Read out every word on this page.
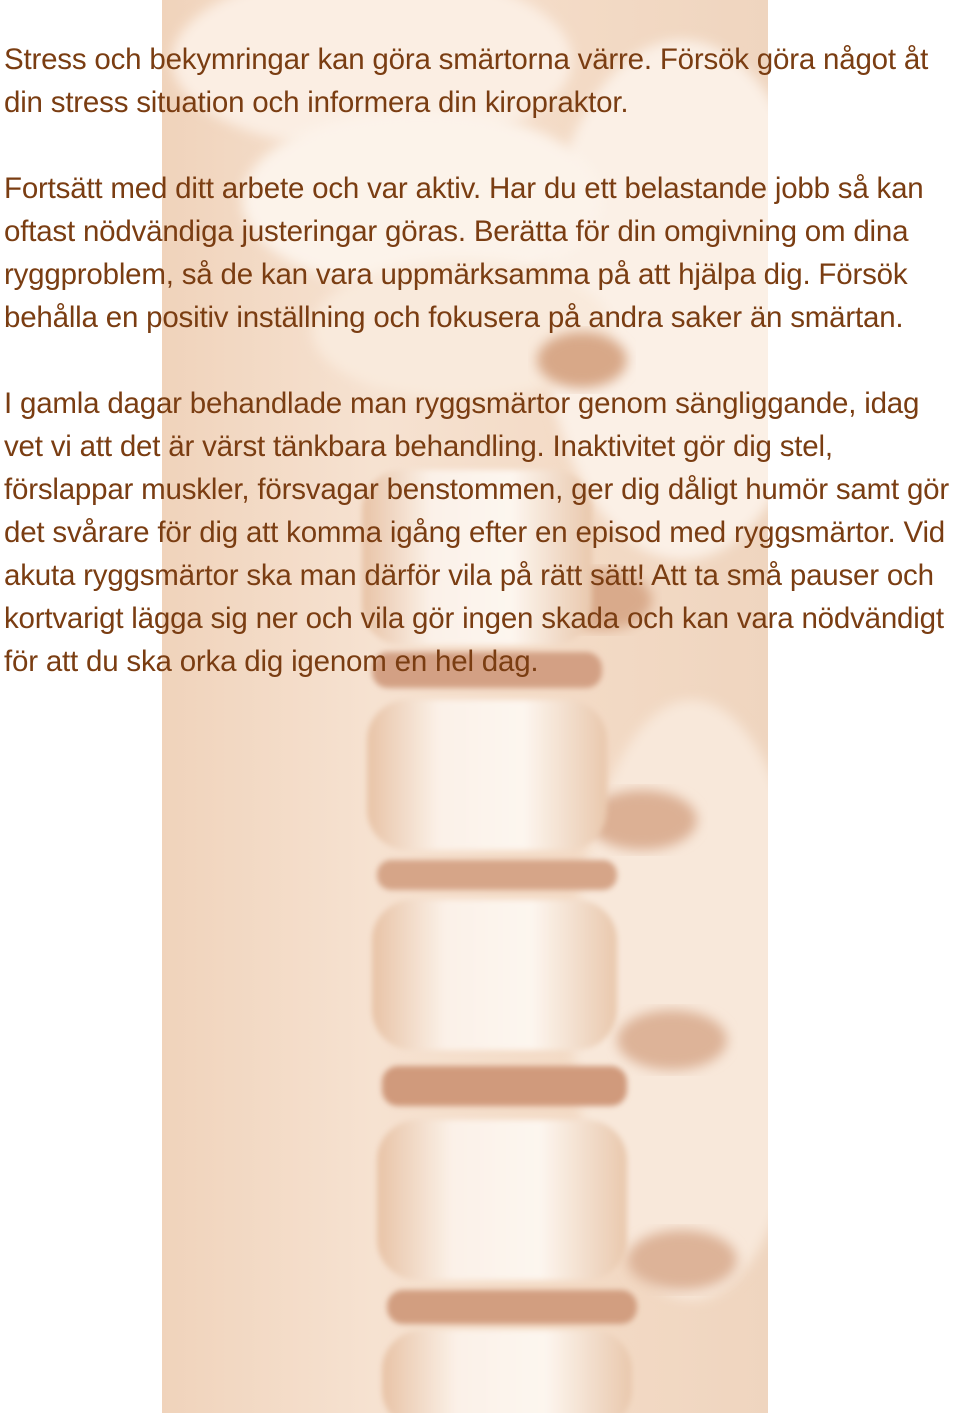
Stress och bekymringar kan göra smärtorna värre. Försök göra något åt din stress situation och informera din kiropraktor.

Fortsätt med ditt arbete och var aktiv. Har du ett belastande jobb så kan oftast nödvändiga justeringar göras. Berätta för din omgivning om dina ryggproblem, så de kan vara uppmärksamma på att hjälpa dig. Försök behålla en positiv inställning och fokusera på andra saker än smärtan.

I gamla dagar behandlade man ryggsmärtor genom sängliggande, idag vet vi att det är värst tänkbara behandling. Inaktivitet gör dig stel, förslappar muskler, försvagar benstommen, ger dig dåligt humör samt gör det svårare för dig att komma igång efter en episod med ryggsmärtor. Vid akuta ryggsmärtor ska man därför vila på rätt sätt! Att ta små pauser och kortvarigt lägga sig ner och vila gör ingen skada och kan vara nödvändigt för att du ska orka dig igenom en hel dag.
